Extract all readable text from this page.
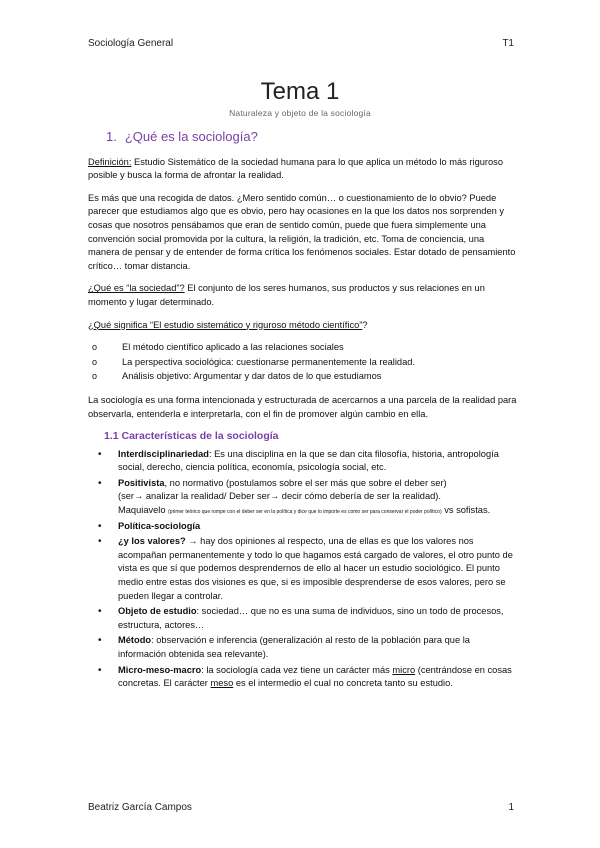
Sociología General	T1
Tema 1
Naturaleza y objeto de la sociología
1. ¿Qué es la sociología?

Definición: Estudio Sistemático de la sociedad humana para lo que aplica un método lo más riguroso posible y busca la forma de afrontar la realidad.

Es más que una recogida de datos. ¿Mero sentido común… o cuestionamiento de lo obvio? Puede parecer que estudiamos algo que es obvio, pero hay ocasiones en la que los datos nos sorprenden y cosas que nosotros pensábamos que eran de sentido común, puede que fuera simplemente una convención social promovida por la cultura, la religión, la tradición, etc. Toma de conciencia, una manera de pensar y de entender de forma crítica los fenómenos sociales. Estar dotado de pensamiento crítico… tomar distancia.

¿Qué es “la sociedad”? El conjunto de los seres humanos, sus productos y sus relaciones en un momento y lugar determinado.

¿Qué significa “El estudio sistemático y riguroso método científico”?

o El método científico aplicado a las relaciones sociales
o La perspectiva sociológica: cuestionarse permanentemente la realidad.
o Análisis objetivo: Argumentar y dar datos de lo que estudiamos

La sociología es una forma intencionada y estructurada de acercarnos a una parcela de la realidad para observarla, entenderla e interpretarla, con el fin de promover algún cambio en ella.

1.1 Características de la sociología
• Interdisciplinariedad: Es una disciplina en la que se dan cita filosofía, historia, antropología social, derecho, ciencia política, economía, psicología social, etc.
• Positivista, no normativo (postulamos sobre el ser más que sobre el deber ser)
(ser→ analizar la realidad/ Deber ser→ decir cómo debería de ser la realidad).
Maquiavelo (primer teórico que rompe con el deber ser en la política y dice que lo importe es como ser para conservar el poder político) vs sofistas.
• Política-sociología
• ¿y los valores? → hay dos opiniones al respecto, una de ellas es que los valores nos acompañan permanentemente y todo lo que hagamos está cargado de valores, el otro punto de vista es que sí que podemos desprendernos de ello al hacer un estudio sociológico. El punto medio entre estas dos visiones es que, si es imposible desprenderse de esos valores, pero se pueden llegar a controlar.
• Objeto de estudio: sociedad… que no es una suma de individuos, sino un todo de procesos, estructura, actores…
• Método: observación e inferencia (generalización al resto de la población para que la información obtenida sea relevante).
• Micro-meso-macro: la sociología cada vez tiene un carácter más micro (centrándose en cosas concretas. El carácter meso es el intermedio el cual no concreta tanto su estudio.
Beatriz García Campos	1
